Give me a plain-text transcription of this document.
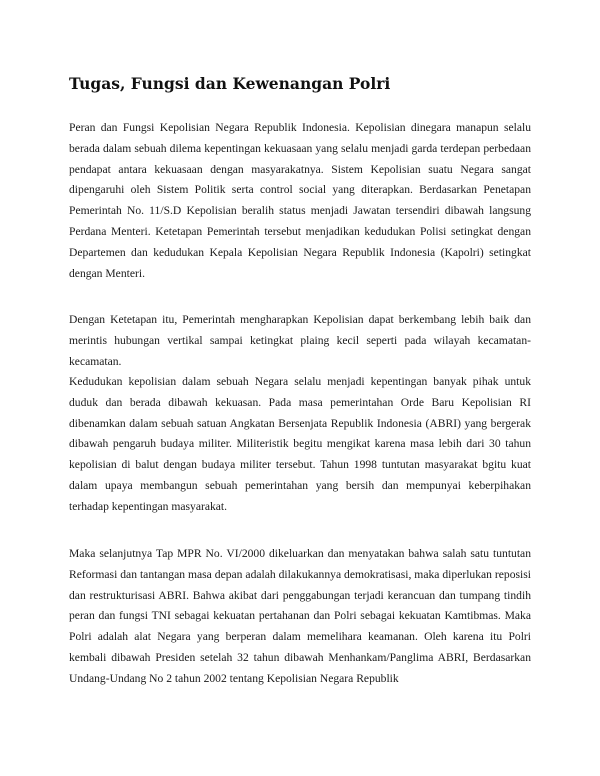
Tugas, Fungsi dan Kewenangan Polri

Peran dan Fungsi Kepolisian Negara Republik Indonesia. Kepolisian dinegara manapun selalu berada dalam sebuah dilema kepentingan kekuasaan yang selalu menjadi garda terdepan perbedaan pendapat antara kekuasaan dengan masyarakatnya. Sistem Kepolisian suatu Negara sangat dipengaruhi oleh Sistem Politik serta control social yang diterapkan. Berdasarkan Penetapan Pemerintah No. 11/S.D Kepolisian beralih status menjadi Jawatan tersendiri dibawah langsung Perdana Menteri. Ketetapan Pemerintah tersebut menjadikan kedudukan Polisi setingkat dengan Departemen dan kedudukan Kepala Kepolisian Negara Republik Indonesia (Kapolri) setingkat dengan Menteri.

Dengan Ketetapan itu, Pemerintah mengharapkan Kepolisian dapat berkembang lebih baik dan merintis hubungan vertikal sampai ketingkat plaing kecil seperti pada wilayah kecamatan-kecamatan.

Kedudukan kepolisian dalam sebuah Negara selalu menjadi kepentingan banyak pihak untuk duduk dan berada dibawah kekuasan. Pada masa pemerintahan Orde Baru Kepolisian RI dibenamkan dalam sebuah satuan Angkatan Bersenjata Republik Indonesia (ABRI) yang bergerak dibawah pengaruh budaya militer. Militeristik begitu mengikat karena masa lebih dari 30 tahun kepolisian di balut dengan budaya militer tersebut. Tahun 1998 tuntutan masyarakat bgitu kuat dalam upaya membangun sebuah pemerintahan yang bersih dan mempunyai keberpihakan terhadap kepentingan masyarakat.

Maka selanjutnya Tap MPR No. VI/2000 dikeluarkan dan menyatakan bahwa salah satu tuntutan Reformasi dan tantangan masa depan adalah dilakukannya demokratisasi, maka diperlukan reposisi dan restrukturisasi ABRI. Bahwa akibat dari penggabungan terjadi kerancuan dan tumpang tindih peran dan fungsi TNI sebagai kekuatan pertahanan dan Polri sebagai kekuatan Kamtibmas. Maka Polri adalah alat Negara yang berperan dalam memelihara keamanan. Oleh karena itu Polri kembali dibawah Presiden setelah 32 tahun dibawah Menhankam/Panglima ABRI, Berdasarkan Undang-Undang No 2 tahun 2002 tentang Kepolisian Negara Republik
